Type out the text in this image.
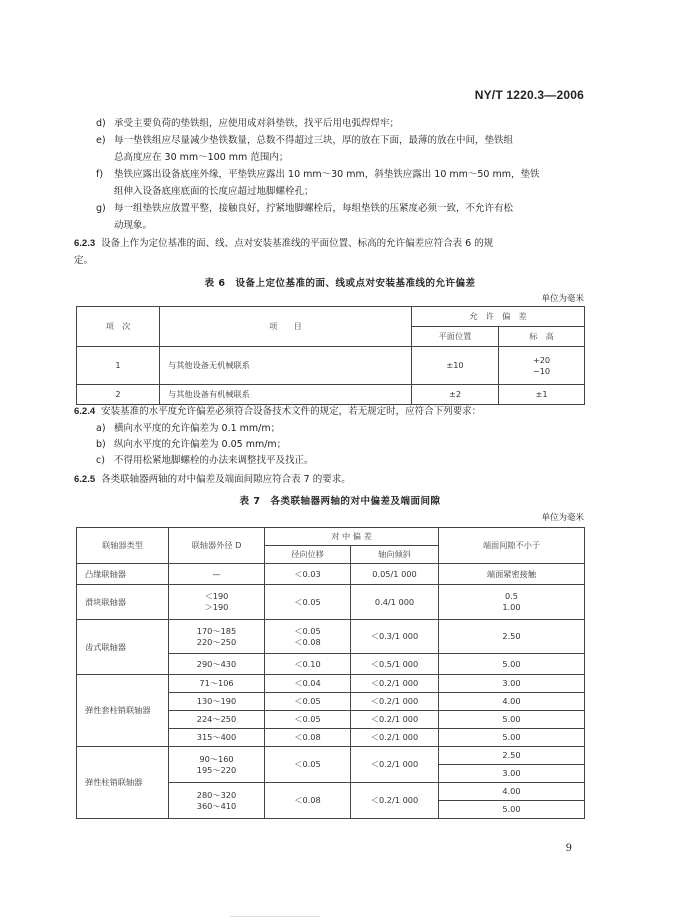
NY/T 1220.3—2006
d) 承受主要负荷的垫铁组，应使用成对斜垫铁，找平后用电弧焊焊牢；
e) 每一垫铁组应尽量减少垫铁数量，总数不得超过三块，厚的放在下面，最薄的放在中间，垫铁组
总高度应在 30 mm～100 mm 范围内；
f)	垫铁应露出设备底座外缘，平垫铁应露出 10 mm～30 mm，斜垫铁应露出 10 mm～50 mm，垫铁
组伸入设备底座底面的长度应超过地脚螺栓孔；
g) 每一组垫铁应放置平整，接触良好，拧紧地脚螺栓后，每组垫铁的压紧度必须一致，不允许有松
动现象。
6.2.3 设备上作为定位基准的面、线、点对安装基准线的平面位置、标高的允许偏差应符合表 6 的规
定。
表 6　设备上定位基准的面、线或点对安装基准线的允许偏差
单位为毫米
项　次	项　　目	允　许　偏　差	
		平面位置	标　高
1	与其他设备无机械联系	±10	+20
−10

2	与其他设备有机械联系	±2	±1
6.2.4 安装基准的水平度允许偏差必须符合设备技术文件的规定，若无规定时，应符合下列要求：
a) 横向水平度的允许偏差为 0.1 mm/m；
b) 纵向水平度的允许偏差为 0.05 mm/m；
c) 不得用松紧地脚螺栓的办法来调整找平及找正。
6.2.5 各类联轴器两轴的对中偏差及端面间隙应符合表 7 的要求。
表 7　各类联轴器两轴的对中偏差及端面间隙
单位为毫米
联轴器类型	联轴器外径 D	对 中 偏 差		端面间隙不小于
		径向位移	轴向倾斜	
凸缘联轴器	—	＜0.03	0.05/1 000	端面紧密接触
滑块联轴器	＜190
＞190	＜0.05	0.4/1 000	0.5
1.00

齿式联轴器	170～185
220～250	＜0.05
＜0.08	＜0.3/1 000	2.50
	290～430	＜0.10	＜0.5/1 000	5.00
弹性套柱销联轴器	71～106	＜0.04	＜0.2/1 000	3.00
	130～190	＜0.05	＜0.2/1 000	4.00
	224～250	＜0.05	＜0.2/1 000	5.00
	315～400	＜0.08	＜0.2/1 000	5.00
弹性柱销联轴器	90～160
195～220	＜0.05	＜0.2/1 000	2.50
				3.00

	280～320
360～410	＜0.08	＜0.2/1 000	4.00
				5.00
9
